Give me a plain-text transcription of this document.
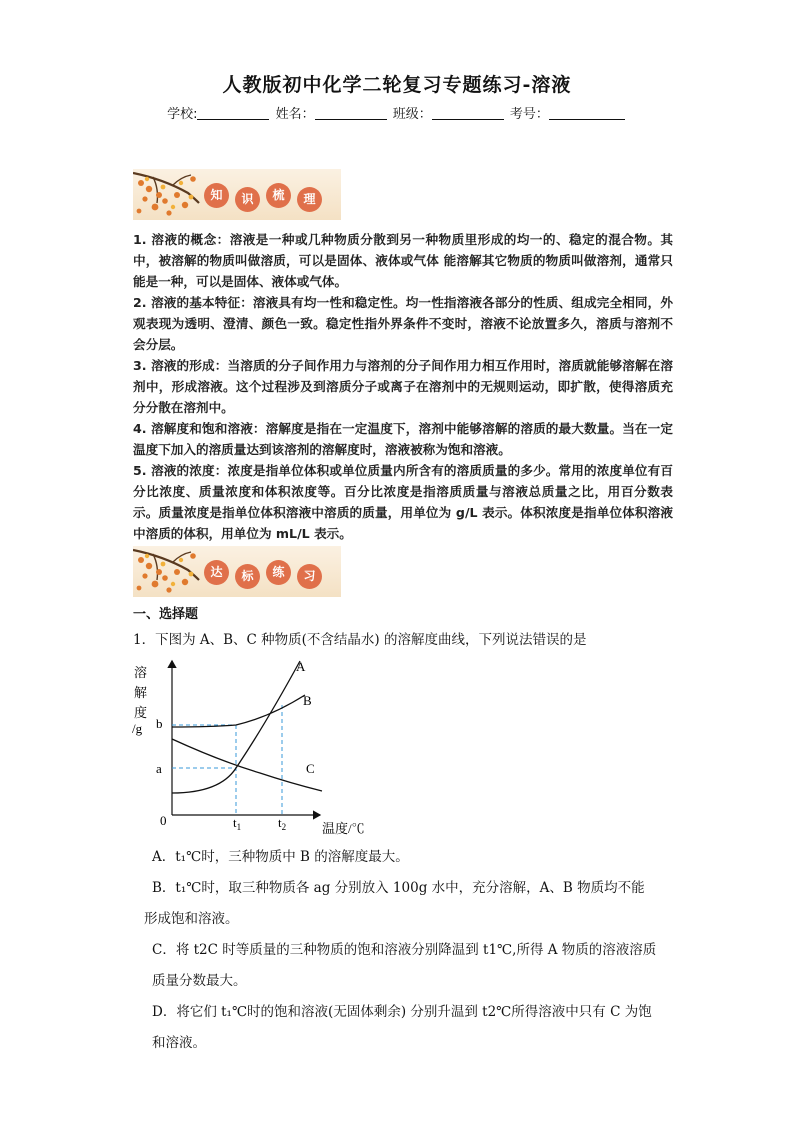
人教版初中化学二轮复习专题练习-溶液
学校:	姓名：	班级：	考号：
知	识	梳	理

1. 溶液的概念：溶液是一种或几种物质分散到另一种物质里形成的均一的、稳定的混合物。其中，被溶解的物质叫做溶质，可以是固体、液体或气体 能溶解其它物质的物质叫做溶剂，通常只能是一种，可以是固体、液体或气体。

2. 溶液的基本特征：溶液具有均一性和稳定性。均一性指溶液各部分的性质、组成完全相同，外观表现为透明、澄清、颜色一致。稳定性指外界条件不变时，溶液不论放置多久，溶质与溶剂不会分层。

3. 溶液的形成：当溶质的分子间作用力与溶剂的分子间作用力相互作用时，溶质就能够溶解在溶剂中，形成溶液。这个过程涉及到溶质分子或离子在溶剂中的无规则运动，即扩散，使得溶质充分分散在溶剂中。

4. 溶解度和饱和溶液：溶解度是指在一定温度下，溶剂中能够溶解的溶质的最大数量。当在一定温度下加入的溶质量达到该溶剂的溶解度时，溶液被称为饱和溶液。

5. 溶液的浓度：浓度是指单位体积或单位质量内所含有的溶质质量的多少。常用的浓度单位有百分比浓度、质量浓度和体积浓度等。百分比浓度是指溶质质量与溶液总质量之比，用百分数表示。质量浓度是指单位体积溶液中溶质的质量，用单位为 g/L 表示。体积浓度是指单位体积溶液中溶质的体积，用单位为 mL/L 表示。

达	标	练	习
一、选择题
1．下图为 A、B、C 种物质(不含结晶水) 的溶解度曲线，下列说法错误的是
溶
解
度
/g
0
b
a
A
B
C
$t_1$	$t_2$	温度/℃

A．t₁℃时，三种物质中 B 的溶解度最大。

B．t₁℃时，取三种物质各 ag 分别放入 100g 水中，充分溶解，A、B 物质均不能

形成饱和溶液。

C．将 t2C 时等质量的三种物质的饱和溶液分别降温到 t1℃,所得 A 物质的溶液溶质

质量分数最大。

D．将它们 t₁℃时的饱和溶液(无固体剩余) 分别升温到 t2℃所得溶液中只有 C 为饱

和溶液。
